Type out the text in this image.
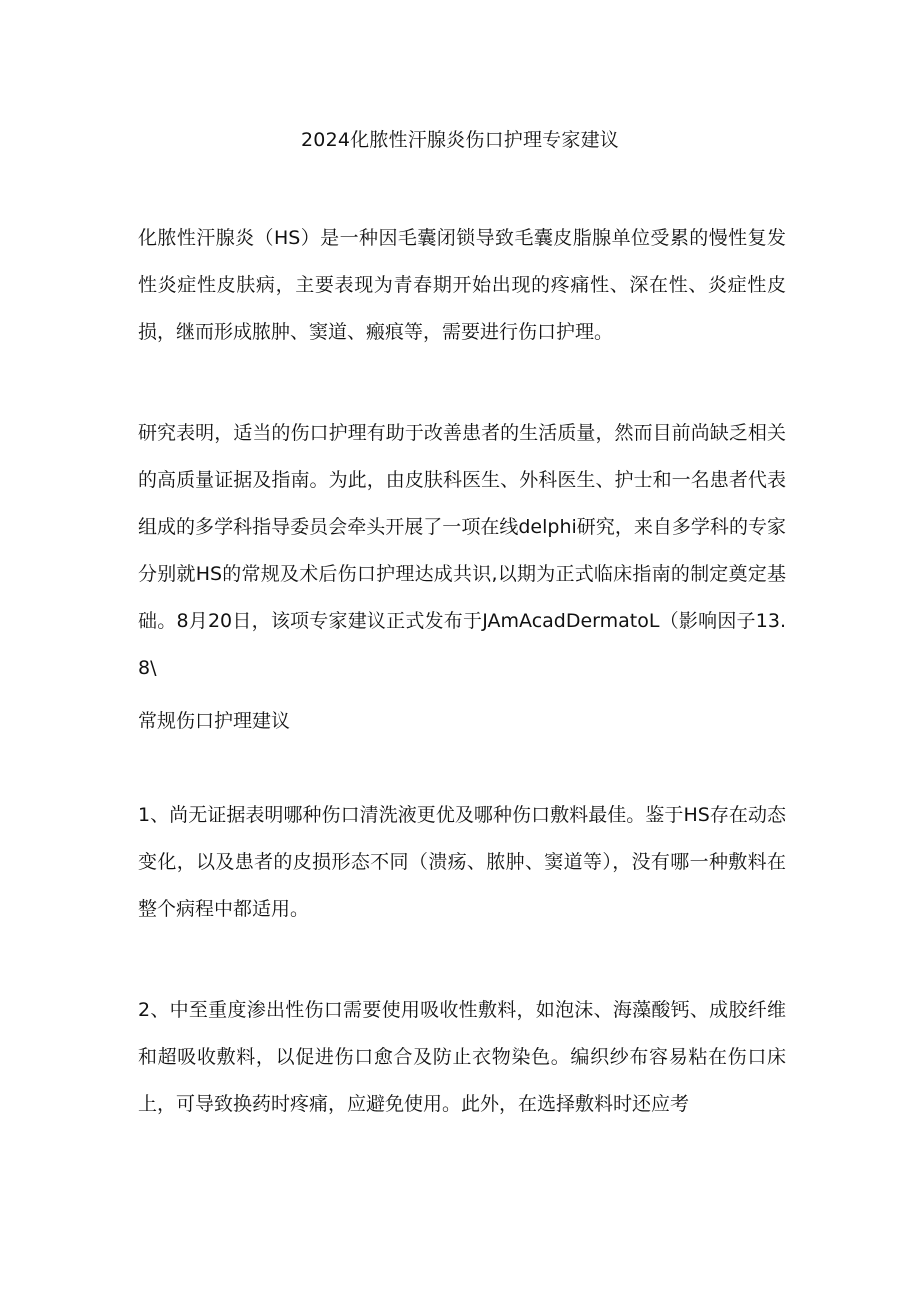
2024化脓性汗腺炎伤口护理专家建议

化脓性汗腺炎（HS）是一种因毛囊闭锁导致毛囊皮脂腺单位受累的慢性复发性炎症性皮肤病，主要表现为青春期开始出现的疼痛性、深在性、炎症性皮损，继而形成脓肿、窦道、瘢痕等，需要进行伤口护理。

研究表明，适当的伤口护理有助于改善患者的生活质量，然而目前尚缺乏相关的高质量证据及指南。为此，由皮肤科医生、外科医生、护士和一名患者代表组成的多学科指导委员会牵头开展了一项在线delphi研究，来自多学科的专家分别就HS的常规及术后伤口护理达成共识,以期为正式临床指南的制定奠定基础。8月20日，该项专家建议正式发布于JAmAcadDermatoL（影响因子13.8\

常规伤口护理建议

1、尚无证据表明哪种伤口清洗液更优及哪种伤口敷料最佳。鉴于HS存在动态变化，以及患者的皮损形态不同（溃疡、脓肿、窦道等），没有哪一种敷料在整个病程中都适用。

2、中至重度渗出性伤口需要使用吸收性敷料，如泡沫、海藻酸钙、成胶纤维和超吸收敷料，以促进伤口愈合及防止衣物染色。编织纱布容易粘在伤口床上，可导致换药时疼痛，应避免使用。此外，在选择敷料时还应考
